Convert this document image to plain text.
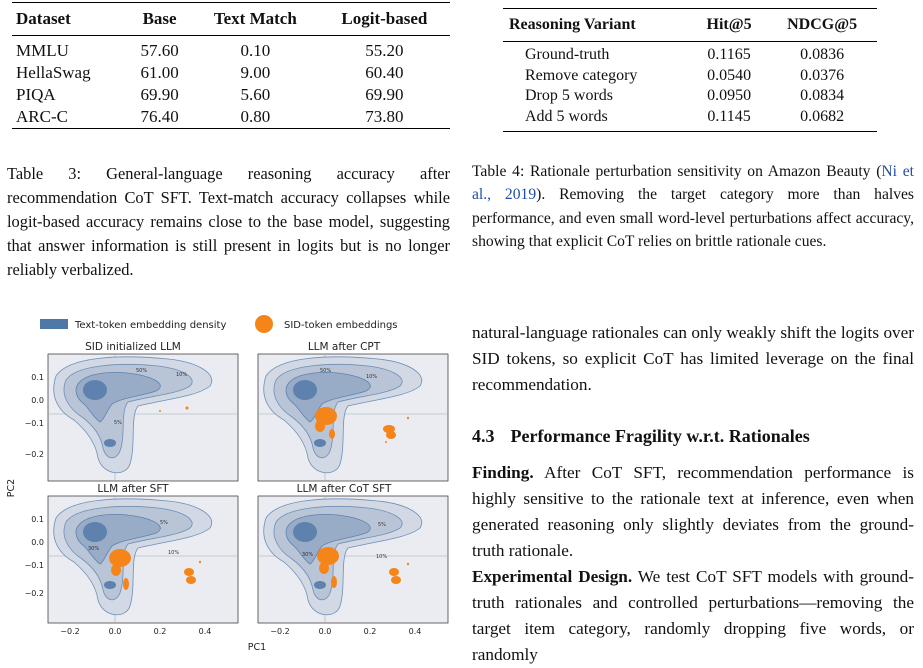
Dataset	Base	Text Match	Logit-based
MMLU	57.60	0.10	55.20
HellaSwag	61.00	9.00	60.40
PIQA	69.90	5.60	69.90
ARC-C	76.40	0.80	73.80
Table 3: General-language reasoning accuracy after recommendation CoT SFT. Text-match accuracy collapses while logit-based accuracy remains close to the base model, suggesting that answer information is still present in logits but is no longer reliably verbalized.
Reasoning Variant	Hit@5	NDCG@5
Ground-truth	0.1165	0.0836
Remove category	0.0540	0.0376
Drop 5 words	0.0950	0.0834
Add 5 words	0.1145	0.0682
Table 4: Rationale perturbation sensitivity on Amazon Beauty (Ni et al., 2019). Removing the target category more than halves performance, and even small word-level perturbations affect accuracy, showing that explicit CoT relies on brittle rationale cues.
Text-token embedding density	SID-token embeddings
SID initialized LLM	LLM after CPT
LLM after SFT	LLM after CoT SFT
50%
10%
5%
50%
10%
30%
5%
10%	30%
5%
10%
0.1
0.0
−0.1
−0.2
0.1
0.0
−0.1
−0.2
−0.2	0.0	0.2	0.4	−0.2	0.0	0.2	0.4
PC1
PC2
natural-language rationales can only weakly shift the logits over SID tokens, so explicit CoT has limited leverage on the final recommendation.
4.3 Performance Fragility w.r.t. Rationales
Finding. After CoT SFT, recommendation performance is highly sensitive to the rationale text at inference, even when generated reasoning only slightly deviates from the ground-truth rationale.
Experimental Design. We test CoT SFT models with ground-truth rationales and controlled perturbations—removing the target item category, randomly dropping five words, or randomly
